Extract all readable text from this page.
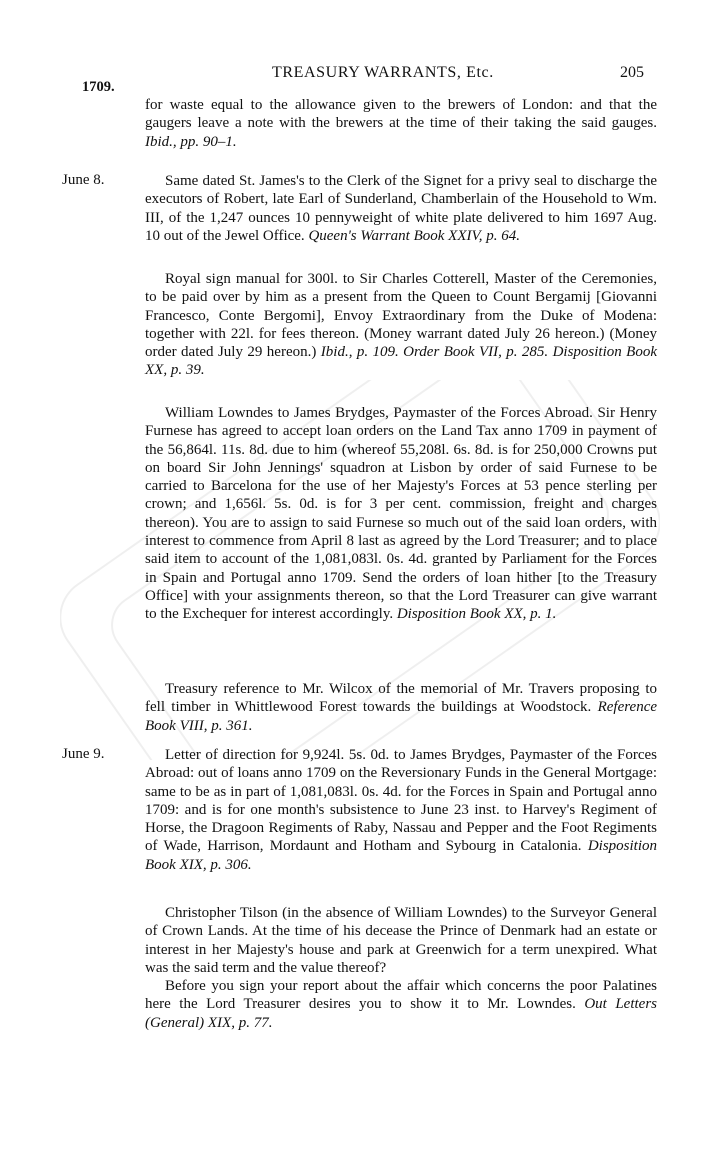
1709.
TREASURY WARRANTS, Etc.	205

for waste equal to the allowance given to the brewers of London: and that the gaugers leave a note with the brewers at the time of their taking the said gauges. Ibid., pp. 90–1.

June 8.	Same dated St. James's to the Clerk of the Signet for a privy seal to discharge the executors of Robert, late Earl of Sunderland, Chamberlain of the Household to Wm. III, of the 1,247 ounces 10 pennyweight of white plate delivered to him 1697 Aug. 10 out of the Jewel Office. Queen's Warrant Book XXIV, p. 64.

Royal sign manual for 300l. to Sir Charles Cotterell, Master of the Ceremonies, to be paid over by him as a present from the Queen to Count Bergamij [Giovanni Francesco, Conte Bergomi], Envoy Extraordinary from the Duke of Modena: together with 22l. for fees thereon. (Money warrant dated July 26 hereon.) (Money order dated July 29 hereon.) Ibid., p. 109. Order Book VII, p. 285. Disposition Book XX, p. 39.

William Lowndes to James Brydges, Paymaster of the Forces Abroad. Sir Henry Furnese has agreed to accept loan orders on the Land Tax anno 1709 in payment of the 56,864l. 11s. 8d. due to him (whereof 55,208l. 6s. 8d. is for 250,000 Crowns put on board Sir John Jennings' squadron at Lisbon by order of said Furnese to be carried to Barcelona for the use of her Majesty's Forces at 53 pence sterling per crown; and 1,656l. 5s. 0d. is for 3 per cent. commission, freight and charges thereon). You are to assign to said Furnese so much out of the said loan orders, with interest to commence from April 8 last as agreed by the Lord Treasurer; and to place said item to account of the 1,081,083l. 0s. 4d. granted by Parliament for the Forces in Spain and Portugal anno 1709. Send the orders of loan hither [to the Treasury Office] with your assignments thereon, so that the Lord Treasurer can give warrant to the Exchequer for interest accordingly. Disposition Book XX, p. 1.

Treasury reference to Mr. Wilcox of the memorial of Mr. Travers proposing to fell timber in Whittlewood Forest towards the buildings at Woodstock. Reference Book VIII, p. 361.

June 9.	Letter of direction for 9,924l. 5s. 0d. to James Brydges, Paymaster of the Forces Abroad: out of loans anno 1709 on the Reversionary Funds in the General Mortgage: same to be as in part of 1,081,083l. 0s. 4d. for the Forces in Spain and Portugal anno 1709: and is for one month's subsistence to June 23 inst. to Harvey's Regiment of Horse, the Dragoon Regiments of Raby, Nassau and Pepper and the Foot Regiments of Wade, Harrison, Mordaunt and Hotham and Sybourg in Catalonia. Disposition Book XIX, p. 306.

Christopher Tilson (in the absence of William Lowndes) to the Surveyor General of Crown Lands. At the time of his decease the Prince of Denmark had an estate or interest in her Majesty's house and park at Greenwich for a term unexpired. What was the said term and the value thereof?

Before you sign your report about the affair which concerns the poor Palatines here the Lord Treasurer desires you to show it to Mr. Lowndes. Out Letters (General) XIX, p. 77.
